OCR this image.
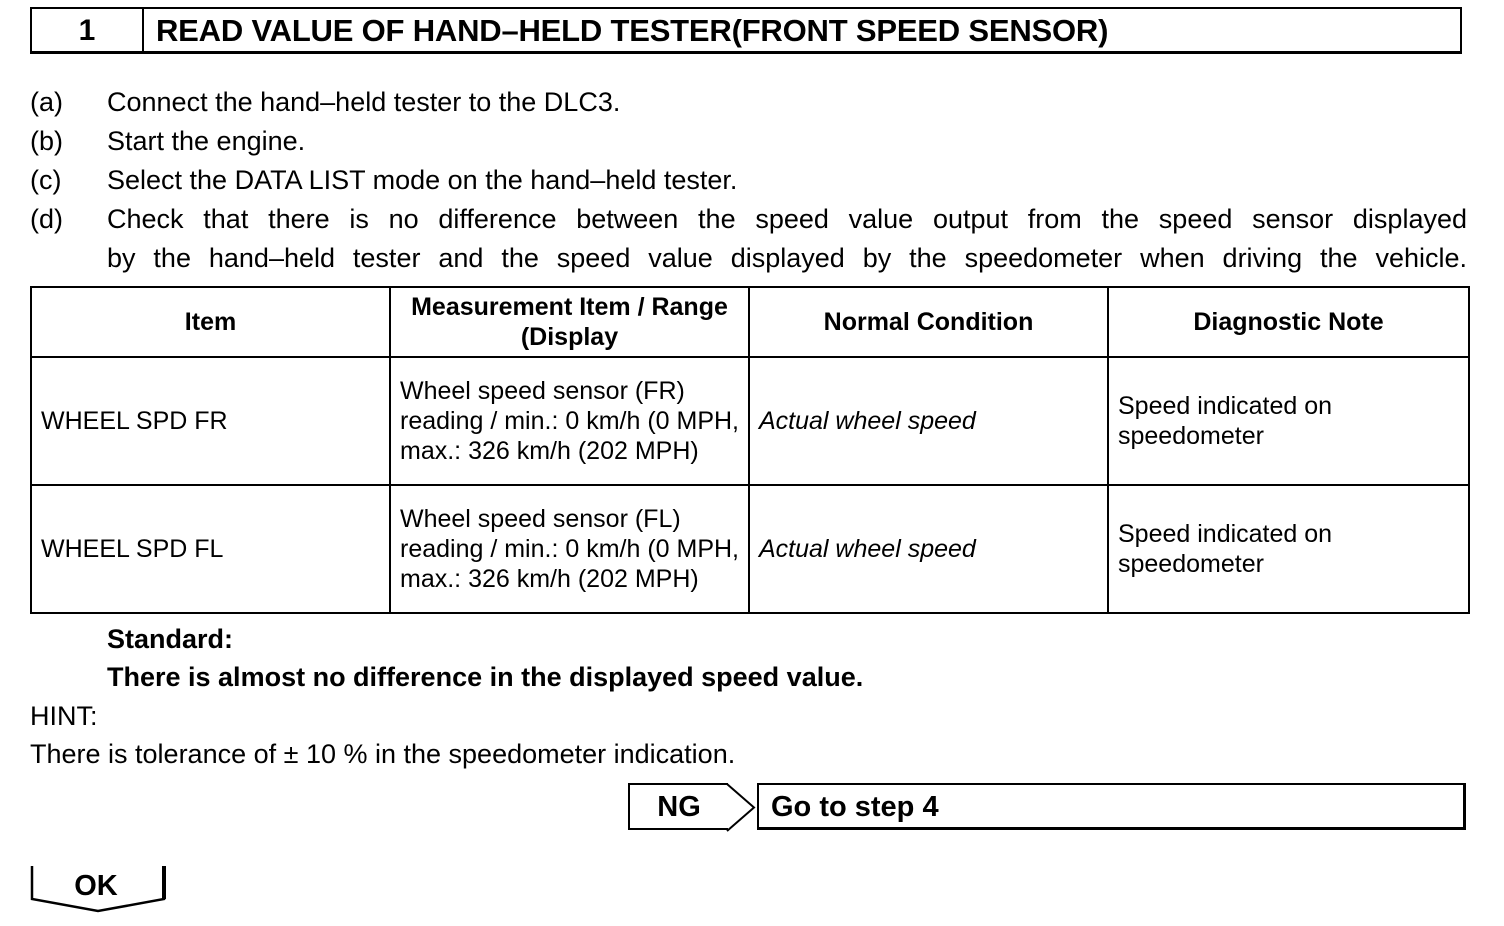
1	READ VALUE OF HAND–HELD TESTER(FRONT SPEED SENSOR)
(a) Connect the hand–held tester to the DLC3.
(b) Start the engine.
(c) Select the DATA LIST mode on the hand–held tester.
(d) Check that there is no difference between the speed value output from the speed sensor displayed
by the hand–held tester and the speed value displayed by the speedometer when driving the vehicle.
Item	Measurement Item / Range (Display	Normal Condition	Diagnostic Note
WHEEL SPD FR	Wheel speed sensor (FR) reading / min.: 0 km/h (0 MPH, max.: 326 km/h (202 MPH)	Actual wheel speed	Speed indicated on speedometer
WHEEL SPD FL	Wheel speed sensor (FL) reading / min.: 0 km/h (0 MPH, max.: 326 km/h (202 MPH)	Actual wheel speed	Speed indicated on speedometer
Standard:
There is almost no difference in the displayed speed value.
HINT:
There is tolerance of ± 10 % in the speedometer indication.
NG	Go to step 4
OK
